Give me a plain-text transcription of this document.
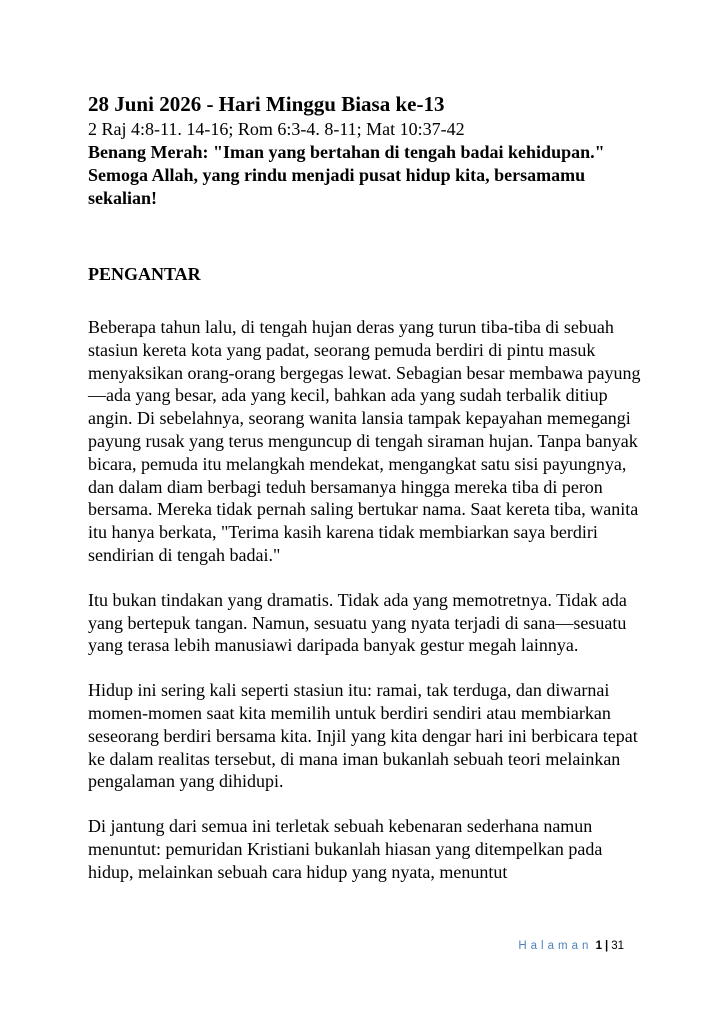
28 Juni 2026 - Hari Minggu Biasa ke-13

2 Raj 4:8-11. 14-16; Rom 6:3-4. 8-11; Mat 10:37-42

Benang Merah: "Iman yang bertahan di tengah badai kehidupan."

Semoga Allah, yang rindu menjadi pusat hidup kita, bersamamu sekalian!

PENGANTAR

Beberapa tahun lalu, di tengah hujan deras yang turun tiba-tiba di sebuah stasiun kereta kota yang padat, seorang pemuda berdiri di pintu masuk menyaksikan orang-orang bergegas lewat. Sebagian besar membawa payung—ada yang besar, ada yang kecil, bahkan ada yang sudah terbalik ditiup angin. Di sebelahnya, seorang wanita lansia tampak kepayahan memegangi payung rusak yang terus menguncup di tengah siraman hujan. Tanpa banyak bicara, pemuda itu melangkah mendekat, mengangkat satu sisi payungnya, dan dalam diam berbagi teduh bersamanya hingga mereka tiba di peron bersama. Mereka tidak pernah saling bertukar nama. Saat kereta tiba, wanita itu hanya berkata, "Terima kasih karena tidak membiarkan saya berdiri sendirian di tengah badai."

Itu bukan tindakan yang dramatis. Tidak ada yang memotretnya. Tidak ada yang bertepuk tangan. Namun, sesuatu yang nyata terjadi di sana—sesuatu yang terasa lebih manusiawi daripada banyak gestur megah lainnya.

Hidup ini sering kali seperti stasiun itu: ramai, tak terduga, dan diwarnai momen-momen saat kita memilih untuk berdiri sendiri atau membiarkan seseorang berdiri bersama kita. Injil yang kita dengar hari ini berbicara tepat ke dalam realitas tersebut, di mana iman bukanlah sebuah teori melainkan pengalaman yang dihidupi.

Di jantung dari semua ini terletak sebuah kebenaran sederhana namun menuntut: pemuridan Kristiani bukanlah hiasan yang ditempelkan pada hidup, melainkan sebuah cara hidup yang nyata, menuntut

Halaman 1 | 31
